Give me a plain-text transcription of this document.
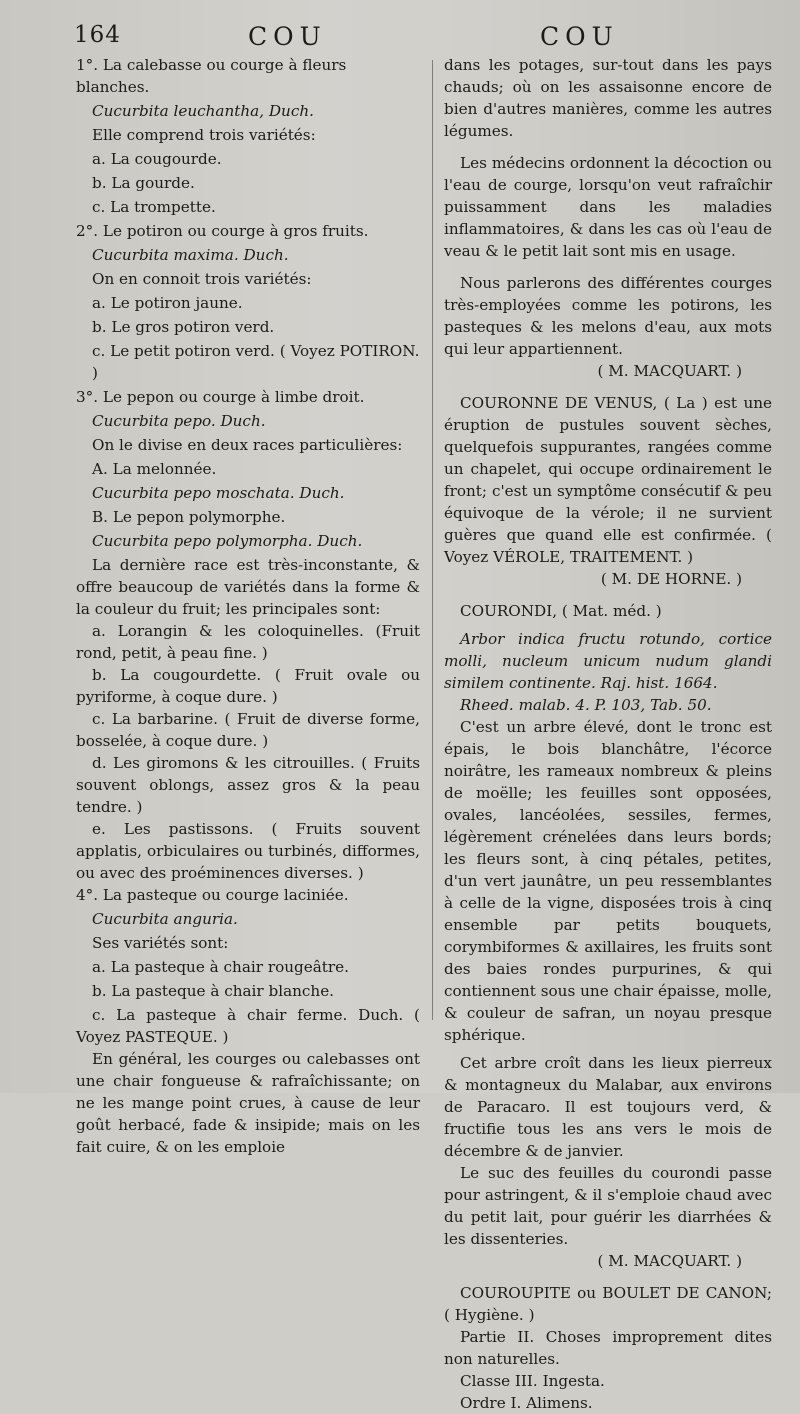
164	COU	COU

1°. La calebasse ou courge à fleurs blanches.

Cucurbita leuchantha, Duch.

Elle comprend trois variétés:

a. La cougourde.

b. La gourde.

c. La trompette.

2°. Le potiron ou courge à gros fruits.

Cucurbita maxima. Duch.

On en connoit trois variétés:

a. Le potiron jaune.

b. Le gros potiron verd.

c. Le petit potiron verd. ( Voyez POTIRON. )

3°. Le pepon ou courge à limbe droit.

Cucurbita pepo. Duch.

On le divise en deux races particulières:

A. La melonnée.

Cucurbita pepo moschata. Duch.

B. Le pepon polymorphe.

Cucurbita pepo polymorpha. Duch.

La dernière race est très-inconstante, & offre beaucoup de variétés dans la forme & la couleur du fruit; les principales sont:

a. Lorangin & les coloquinelles. (Fruit rond, petit, à peau fine. )

b. La cougourdette. ( Fruit ovale ou pyriforme, à coque dure. )

c. La barbarine. ( Fruit de diverse forme, bosselée, à coque dure. )

d. Les giromons & les citrouilles. ( Fruits souvent oblongs, assez gros & la peau tendre. )

e. Les pastissons. ( Fruits souvent applatis, orbiculaires ou turbinés, difformes, ou avec des proéminences diverses. )

4°. La pasteque ou courge laciniée.

Cucurbita anguria.

Ses variétés sont:

a. La pasteque à chair rougeâtre.

b. La pasteque à chair blanche.

c. La pasteque à chair ferme. Duch. ( Voyez PASTEQUE. )

En général, les courges ou calebasses ont une chair fongueuse & rafraîchissante; on ne les mange point crues, à cause de leur goût herbacé, fade & insipide; mais on les fait cuire, & on les emploie

dans les potages, sur-tout dans les pays chauds; où on les assaisonne encore de bien d'autres manières, comme les autres légumes.

Les médecins ordonnent la décoction ou l'eau de courge, lorsqu'on veut rafraîchir puissamment dans les maladies inflammatoires, & dans les cas où l'eau de veau & le petit lait sont mis en usage.

Nous parlerons des différentes courges très-employées comme les potirons, les pasteques & les melons d'eau, aux mots qui leur appartiennent.

( M. MACQUART. )

COURONNE DE VENUS, ( La ) est une éruption de pustules souvent sèches, quelquefois suppurantes, rangées comme un chapelet, qui occupe ordinairement le front; c'est un symptôme consécutif & peu équivoque de la vérole; il ne survient guères que quand elle est confirmée. ( Voyez VÉROLE, TRAITEMENT. )

( M. DE HORNE. )

COURONDI, ( Mat. méd. )

Arbor indica fructu rotundo, cortice molli, nucleum unicum nudum glandi similem continente. Raj. hist. 1664.

Rheed. malab. 4. P. 103, Tab. 50.

C'est un arbre élevé, dont le tronc est épais, le bois blanchâtre, l'écorce noirâtre, les rameaux nombreux & pleins de moëlle; les feuilles sont opposées, ovales, lancéolées, sessiles, fermes, légèrement crénelées dans leurs bords; les fleurs sont, à cinq pétales, petites, d'un vert jaunâtre, un peu ressemblantes à celle de la vigne, disposées trois à cinq ensemble par petits bouquets, corymbiformes & axillaires, les fruits sont des baies rondes purpurines, & qui contiennent sous une chair épaisse, molle, & couleur de safran, un noyau presque sphérique.

Cet arbre croît dans les lieux pierreux & montagneux du Malabar, aux environs de Paracaro. Il est toujours verd, & fructifie tous les ans vers le mois de décembre & de janvier.

Le suc des feuilles du courondi passe pour astringent, & il s'emploie chaud avec du petit lait, pour guérir les diarrhées & les dissenteries.

( M. MACQUART. )

COUROUPITE ou BOULET DE CANON; ( Hygiène. )

Partie II. Choses improprement dites non naturelles.

Classe III. Ingesta.

Ordre I. Alimens.
